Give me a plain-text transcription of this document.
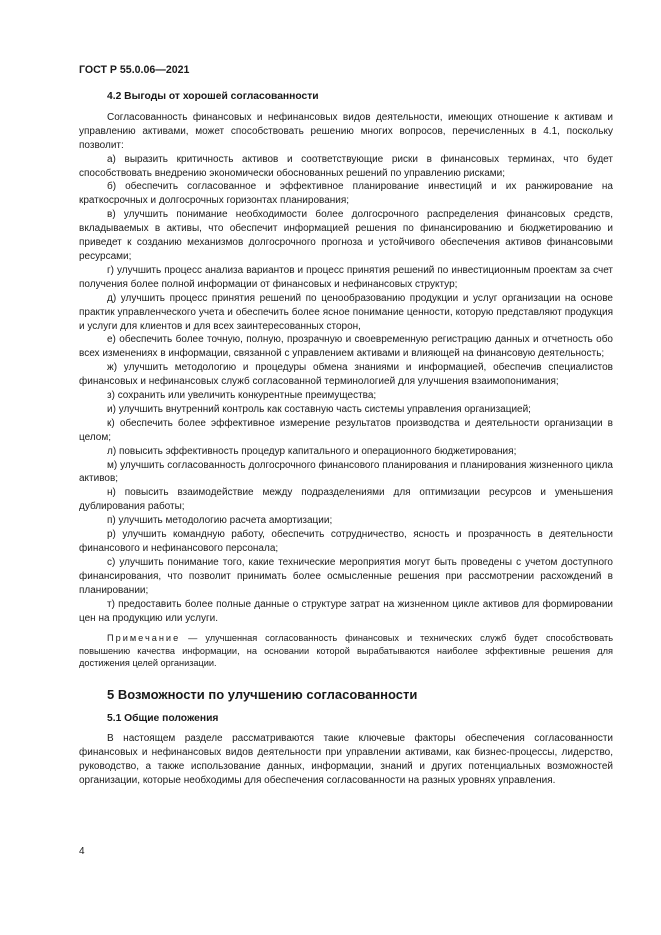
ГОСТ Р 55.0.06—2021
4.2 Выгоды от хорошей согласованности

Согласованность финансовых и нефинансовых видов деятельности, имеющих отношение к активам и управлению активами, может способствовать решению многих вопросов, перечисленных в 4.1, поскольку позволит:

а) выразить критичность активов и соответствующие риски в финансовых терминах, что будет способствовать внедрению экономически обоснованных решений по управлению рисками;

б) обеспечить согласованное и эффективное планирование инвестиций и их ранжирование на краткосрочных и долгосрочных горизонтах планирования;

в) улучшить понимание необходимости более долгосрочного распределения финансовых средств, вкладываемых в активы, что обеспечит информацией решения по финансированию и бюджетированию и приведет к созданию механизмов долгосрочного прогноза и устойчивого обеспечения активов финансовыми ресурсами;

г) улучшить процесс анализа вариантов и процесс принятия решений по инвестиционным проектам за счет получения более полной информации от финансовых и нефинансовых структур;

д) улучшить процесс принятия решений по ценообразованию продукции и услуг организации на основе практик управленческого учета и обеспечить более ясное понимание ценности, которую представляют продукция и услуги для клиентов и для всех заинтересованных сторон,

е) обеспечить более точную, полную, прозрачную и своевременную регистрацию данных и отчетность обо всех изменениях в информации, связанной с управлением активами и влияющей на финансовую деятельность;

ж) улучшить методологию и процедуры обмена знаниями и информацией, обеспечив специалистов финансовых и нефинансовых служб согласованной терминологией для улучшения взаимопонимания;

з) сохранить или увеличить конкурентные преимущества;

и) улучшить внутренний контроль как составную часть системы управления организацией;

к) обеспечить более эффективное измерение результатов производства и деятельности организации в целом;

л) повысить эффективность процедур капитального и операционного бюджетирования;

м) улучшить согласованность долгосрочного финансового планирования и планирования жизненного цикла активов;

н) повысить взаимодействие между подразделениями для оптимизации ресурсов и уменьшения дублирования работы;

п) улучшить методологию расчета амортизации;

р) улучшить командную работу, обеспечить сотрудничество, ясность и прозрачность в деятельности финансового и нефинансового персонала;

с) улучшить понимание того, какие технические мероприятия могут быть проведены с учетом доступного финансирования, что позволит принимать более осмысленные решения при рассмотрении расхождений в планировании;

т) предоставить более полные данные о структуре затрат на жизненном цикле активов для формировании цен на продукцию или услуги.

Примечание — улучшенная согласованность финансовых и технических служб будет способствовать повышению качества информации, на основании которой вырабатываются наиболее эффективные решения для достижения целей организации.

5 Возможности по улучшению согласованности
5.1 Общие положения

В настоящем разделе рассматриваются такие ключевые факторы обеспечения согласованности финансовых и нефинансовых видов деятельности при управлении активами, как бизнес-процессы, лидерство, руководство, а также использование данных, информации, знаний и других потенциальных возможностей организации, которые необходимы для обеспечения согласованности на разных уровнях управления.

4
